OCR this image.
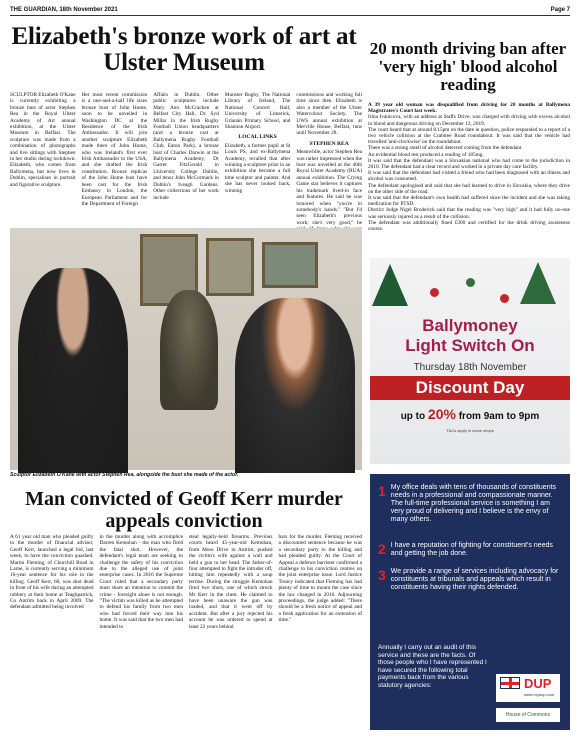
THE GUARDIAN, 18th November 2021	Page 7
Elizabeth's bronze work of art at Ulster Museum

SCULPTOR Elizabeth O'Kane is currently exhibiting a bronze bust of actor Stephen Rea in the Royal Ulster Academy of Art annual exhibition, at the Ulster Museum in Belfast. The sculpture was made from a combination of photographs and live sittings with Stephen in her studio during lockdown. Elizabeth, who comes from Ballymena, but now lives in Dublin, specialises in portrait and figurative sculpture.

Her most recent commission is a one-and-a-half life sizes bronze bust of John Hume, soon to be unveiled in Washington DC at the Residence of the Irish Ambassador. It will join another sculpture Elizabeth made there of John Hume, who was Ireland's first ever Irish Ambassador to the USA, and she drafted the Irish constitution. Bronze replicas of the John Hume bust have been cast for the Irish Embassy in London, the European Parliament and for the Department of Foreign

Affairs in Dublin. Other public sculptures include Mary Ann McCracken at Belfast City Hall, Dr. Syd Millar in the Irish Rugby Football Union headquarters (and a bronze cast at Ballymena Rugby Football Club, Eaton Park), a bronze bust of Charles Darwin at the Ballymena Academy, Dr Garret FitzGerald in University College Dublin, and tenor John McCormack in Dublin's Iveagh Gardens. Other collections of her work include

Munster Rugby, The National Library of Ireland, The National Concert Hall, University of Limerick, Grianán Primary School, and Shannon Airport.

LOCAL LINKS

Elizabeth, a former pupil at St Louis PS, and ex-Ballymena Academy, recalled that after winning a sculpture prize in an exhibition she became a full time sculptor and painter. And she has never looked back, winning

commissions and working full time since then. Elizabeth is also a member of the Ulster Watercolour Society. The UWS annual exhibition at Merville House, Belfast, runs until November 28.

STEPHEN REA

Meanwhile, actor Stephen Rea was rather impressed when the bust was unveiled at the 40th Royal Ulster Academy (RUA) annual exhibition. The Crying Game star believes it captures his trademark lived-in face and features. He said he was honored when "you're in somebody's hands." "But I'd seen Elizabeth's previous work; she's very good," he

Sculptor Elizabeth O'Kane with actor Stephen Rea, alongside the bust she made of the actor.
20 month driving ban after 'very high' blood alcohol reading

A 39 year old woman was disqualified from driving for 20 months at Ballymena Magistrates's Court last week.

Irina Ivanicova, with an address at Staffs Drive, was charged with driving with excess alcohol in blood and dangerous driving on December 12, 2019.

The court heard that at around 8.15pm on the date in question, police responded to a report of a two vehicle collision at the Crabtree Road roundabout. It was said that the vehicle had travelled 'anti-clockwise' on the roundabout.

There was a strong smell of alcohol detected coming from the defendant.

An evidential blood test produced a reading of 185mg.

It was said that the defendant was a Slovakian national who had come to the jurisdiction in 2010. The defendant had a clear record and worked in a private day care facility.

It was said that the defendant had visited a friend who had been diagnosed with an illness and alcohol was consumed.

The defendant apologised and said that she had learned to drive in Slovakia, where they drive on the other side of the road.

It was said that the defendant's own health had suffered since the incident and she was taking medication for PTSD.

District Judge Nigel Broderick said that the reading was "very high" and it had fully no-one was seriously injured as a result of the collision.

The defendant was additionally fined £300 and certified for the drink driving awareness course.

Ballymoney
Light Switch On
Thursday 18th November
Discount Day
up to 20% from 9am to 9pm
T&Cs apply in some shops
Man convicted of Geoff Kerr murder appeals conviction

A 61 year old man who pleaded guilty to the murder of financial adviser, Geoff Kerr, launched a legal bid, last week, to have the conviction quashed. Martin Fleming, of Churchill Road in Larne, is currently serving a minimum 16-year sentence for his role in the killing. Geoff Kerr, 60, was shot dead in front of his wife during an attempted robbery at their home at Teaghpatrick, Co Antrim back in April 2009. The defendant admitted being involved

in the murder along with accomplice Darren Kemohan - the man who fired the fatal shot. However, the defendant's legal team are seeking to challenge the safety of his conviction due to the alleged use of joint enterprise cases. In 2016 the Supreme Court ruled that a secondary party must share an intention to commit the crime - foresight alone is not enough. "The victim was killed as he attempted to defend his family from two men who had forced their way into his home. It was said that the two men had intended to

steal legally-held firearms. Previous courts heard 45-year-old Kemohan, from Moss Drive in Antrim, pushed the victim's wife against a wall and held a gun to her head. The father-of-four attempted to fight the intruder off, hitting him repeatedly with a soup terrine. During the struggle Kemohan fired two shots, one of which struck Mr Kerr in the chest. He claimed to have been unaware the gun was loaded, and that it went off by accident. But after a jury rejected his account he was ordered to spend at least 22 years behind

bars for the murder. Fleming received a discounted sentence because he was a secondary party to the killing and had pleaded guilty. At the Court of Appeal a defence barrister confirmed a challenge to his conviction centres on the joint enterprise issue. Lord Justice Treacy indicated that Fleming has had plenty of time to mount the case since the law changed in 2016. Adjourning proceedings, the judge added: "There should be a fresh notice of appeal and a fresh application for an extension of time."

1 My office deals with tens of thousands of constituents needs in a professional and compassionate manner. The full-time professional service is something I am very proud of delivering and I believe is the envy of many others.
2 I have a reputation of fighting for constituent's needs and getting the job done.
3 We provide a range of services including advocacy for constituents at tribunals and appeals which result in constituents having their rights defended.
Annually I carry out an audit of this service and these are the facts. Of those people who I have represented I have secured the following total payments back from the various statutory agencies:	DUP
www.mydup.com
House of Commons
